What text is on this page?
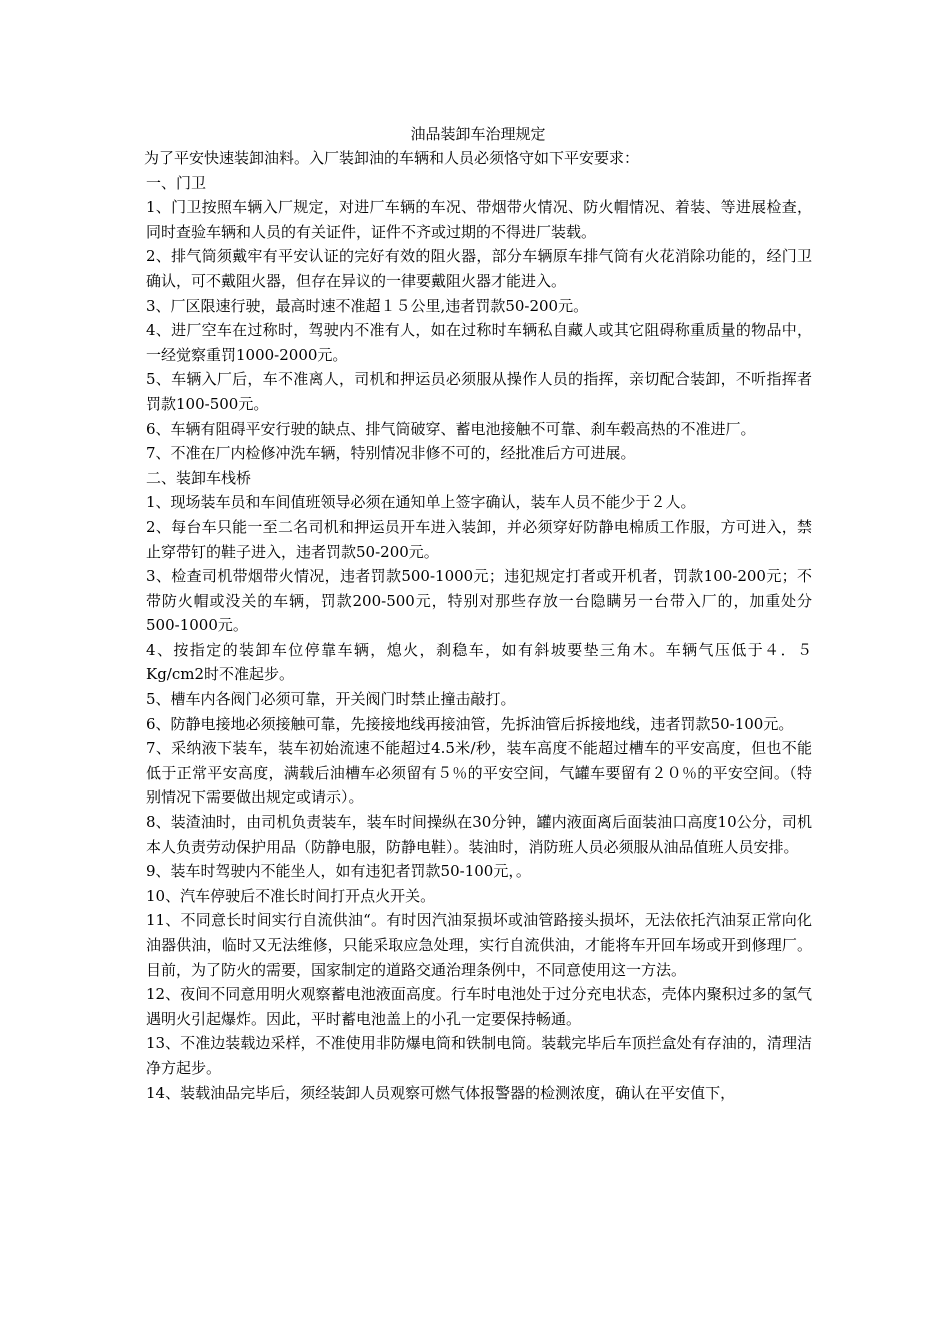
油品装卸车治理规定

为了平安快速装卸油料。入厂装卸油的车辆和人员必须恪守如下平安要求：

一、门卫

1、门卫按照车辆入厂规定，对进厂车辆的车况、带烟带火情况、防火帽情况、着装、等进展检查，同时查验车辆和人员的有关证件，证件不齐或过期的不得进厂装载。

2、排气筒须戴牢有平安认证的完好有效的阻火器，部分车辆原车排气筒有火花消除功能的，经门卫确认，可不戴阻火器，但存在异议的一律要戴阻火器才能进入。

3、厂区限速行驶，最高时速不准超１５公里,违者罚款50-200元。

4、进厂空车在过称时，驾驶内不准有人，如在过称时车辆私自藏人或其它阻碍称重质量的物品中，一经觉察重罚1000-2000元。

5、车辆入厂后，车不准离人，司机和押运员必须服从操作人员的指挥，亲切配合装卸，不听指挥者罚款100-500元。

6、车辆有阻碍平安行驶的缺点、排气筒破穿、蓄电池接触不可靠、刹车毂高热的不准进厂。

7、不准在厂内检修冲洗车辆，特别情况非修不可的，经批准后方可进展。

二、装卸车栈桥

1、现场装车员和车间值班领导必须在通知单上签字确认，装车人员不能少于２人。

2、每台车只能一至二名司机和押运员开车进入装卸，并必须穿好防静电棉质工作服，方可进入，禁止穿带钉的鞋子进入，违者罚款50-200元。

3、检查司机带烟带火情况，违者罚款500-1000元；违犯规定打者或开机者，罚款100-200元；不带防火帽或没关的车辆，罚款200-500元，特别对那些存放一台隐瞒另一台带入厂的，加重处分500-1000元。

4、按指定的装卸车位停靠车辆，熄火，刹稳车，如有斜坡要垫三角木。车辆气压低于４．５ Kg/cm2时不准起步。

5、槽车内各阀门必须可靠，开关阀门时禁止撞击敲打。

6、防静电接地必须接触可靠，先接接地线再接油管，先拆油管后拆接地线，违者罚款50-100元。

7、采纳液下装车，装车初始流速不能超过4.5米/秒，装车高度不能超过槽车的平安高度，但也不能低于正常平安高度，满载后油槽车必须留有５％的平安空间，气罐车要留有２０％的平安空间。（特别情况下需要做出规定或请示）。

8、装渣油时，由司机负责装车，装车时间操纵在30分钟，罐内液面离后面装油口高度10公分，司机本人负责劳动保护用品（防静电服，防静电鞋）。装油时，消防班人员必须服从油品值班人员安排。

9、装车时驾驶内不能坐人，如有违犯者罚款50-100元，。

10、汽车停驶后不准长时间打开点火开关。

11、不同意长时间实行自流供油“。有时因汽油泵损坏或油管路接头损坏，无法依托汽油泵正常向化油器供油，临时又无法维修，只能采取应急处理，实行自流供油，才能将车开回车场或开到修理厂。目前，为了防火的需要，国家制定的道路交通治理条例中，不同意使用这一方法。

12、夜间不同意用明火观察蓄电池液面高度。行车时电池处于过分充电状态，壳体内聚积过多的氢气遇明火引起爆炸。因此，平时蓄电池盖上的小孔一定要保持畅通。

13、不准边装载边采样，不准使用非防爆电筒和铁制电筒。装载完毕后车顶拦盒处有存油的，清理洁净方起步。

14、装载油品完毕后，须经装卸人员观察可燃气体报警器的检测浓度，确认在平安值下，
